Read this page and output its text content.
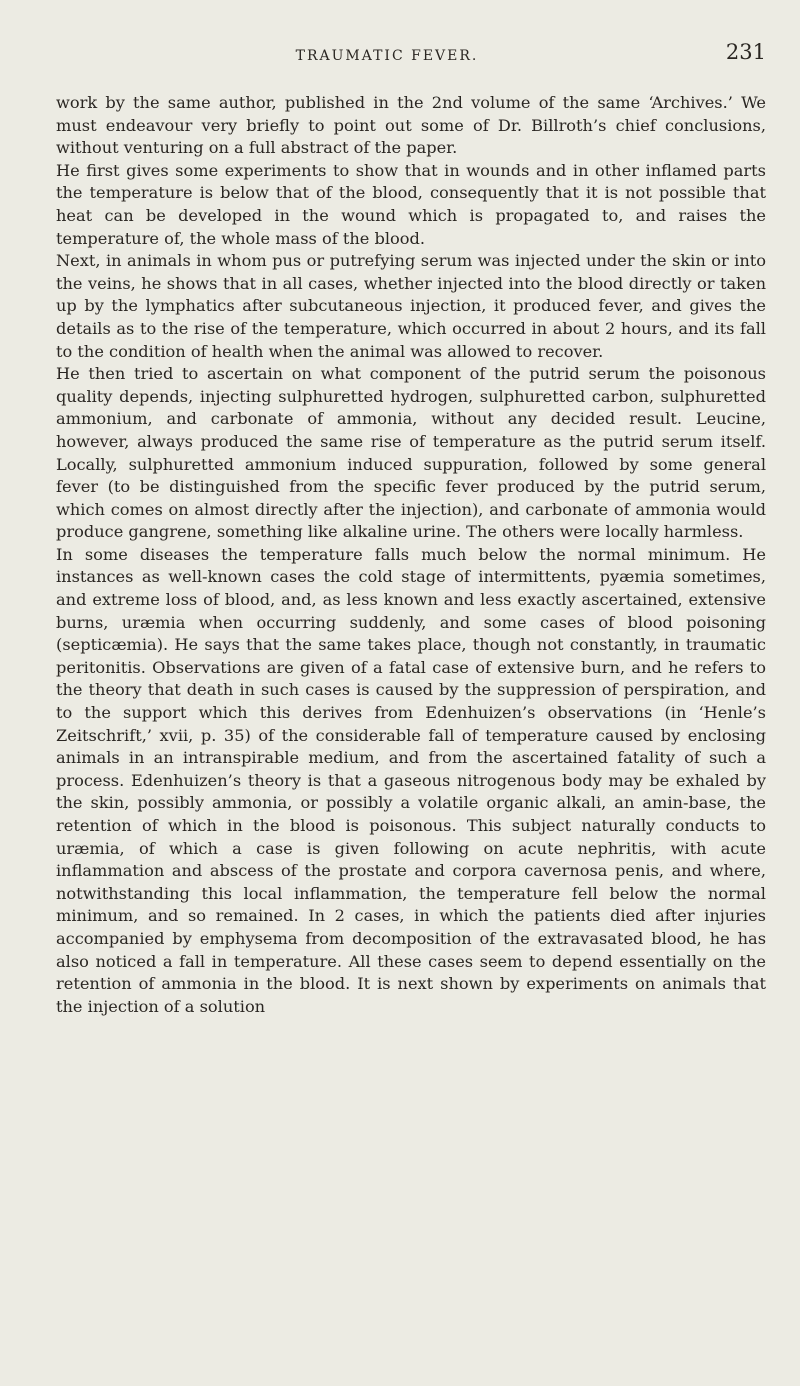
TRAUMATIC FEVER.	231

work by the same author, published in the 2nd volume of the same ‘Archives.’ We must endeavour very briefly to point out some of Dr. Billroth’s chief conclusions, without venturing on a full abstract of the paper.

He first gives some experiments to show that in wounds and in other inflamed parts the temperature is below that of the blood, consequently that it is not possible that heat can be developed in the wound which is propagated to, and raises the temperature of, the whole mass of the blood.

Next, in animals in whom pus or putrefying serum was injected under the skin or into the veins, he shows that in all cases, whether injected into the blood directly or taken up by the lymphatics after subcutaneous injection, it produced fever, and gives the details as to the rise of the temperature, which occurred in about 2 hours, and its fall to the condition of health when the animal was allowed to recover.

He then tried to ascertain on what component of the putrid serum the poisonous quality depends, injecting sulphuretted hydrogen, sulphuretted carbon, sulphuretted ammonium, and carbonate of ammonia, without any decided result. Leucine, however, always produced the same rise of temperature as the putrid serum itself. Locally, sulphuretted ammonium induced suppuration, followed by some general fever (to be distinguished from the specific fever produced by the putrid serum, which comes on almost directly after the injection), and carbonate of ammonia would produce gangrene, something like alkaline urine. The others were locally harmless.

In some diseases the temperature falls much below the normal minimum. He instances as well-known cases the cold stage of intermittents, pyæmia sometimes, and extreme loss of blood, and, as less known and less exactly ascertained, extensive burns, uræmia when occurring suddenly, and some cases of blood poisoning (septicæmia). He says that the same takes place, though not constantly, in traumatic peritonitis. Observations are given of a fatal case of extensive burn, and he refers to the theory that death in such cases is caused by the suppression of perspiration, and to the support which this derives from Edenhuizen’s observations (in ‘Henle’s Zeitschrift,’ xvii, p. 35) of the considerable fall of temperature caused by enclosing animals in an intranspirable medium, and from the ascertained fatality of such a process. Edenhuizen’s theory is that a gaseous nitrogenous body may be exhaled by the skin, possibly ammonia, or possibly a volatile organic alkali, an amin-base, the retention of which in the blood is poisonous. This subject naturally conducts to uræmia, of which a case is given following on acute nephritis, with acute inflammation and abscess of the prostate and corpora cavernosa penis, and where, notwithstanding this local inflammation, the temperature fell below the normal minimum, and so remained. In 2 cases, in which the patients died after injuries accompanied by emphysema from decomposition of the extravasated blood, he has also noticed a fall in temperature. All these cases seem to depend essentially on the retention of ammonia in the blood. It is next shown by experiments on animals that the injection of a solution
